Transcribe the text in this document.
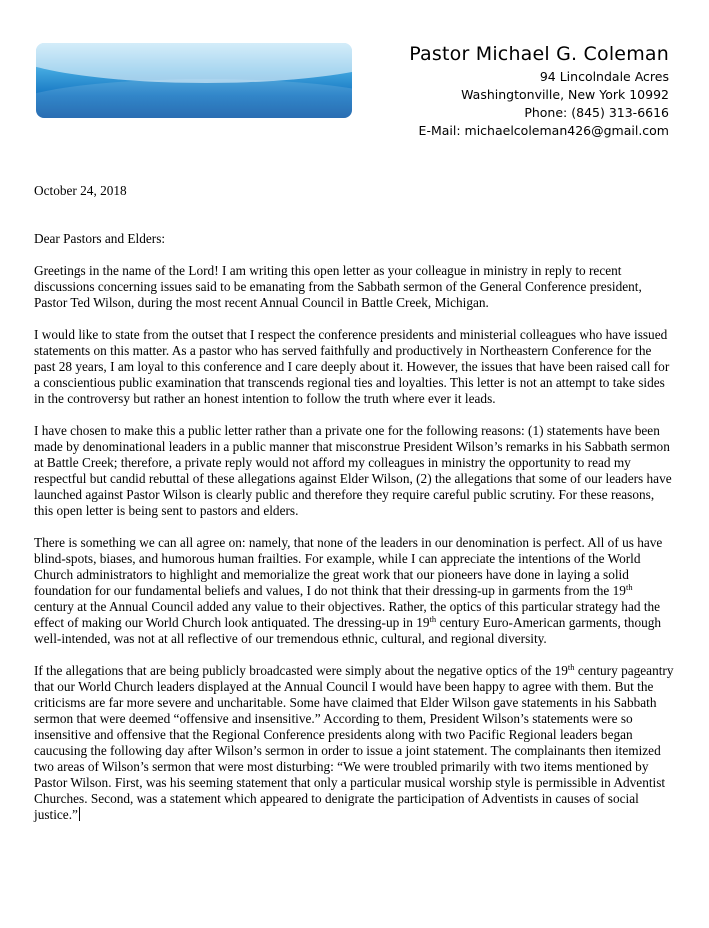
Pastor Michael G. Coleman
94 Lincolndale Acres
Washingtonville, New York 10992
Phone: (845) 313-6616
E-Mail: michaelcoleman426@gmail.com

October 24, 2018

Dear Pastors and Elders:

Greetings in the name of the Lord! I am writing this open letter as your colleague in ministry in reply to recent discussions concerning issues said to be emanating from the Sabbath sermon of the General Conference president, Pastor Ted Wilson, during the most recent Annual Council in Battle Creek, Michigan.

I would like to state from the outset that I respect the conference presidents and ministerial colleagues who have issued statements on this matter. As a pastor who has served faithfully and productively in Northeastern Conference for the past 28 years, I am loyal to this conference and I care deeply about it. However, the issues that have been raised call for a conscientious public examination that transcends regional ties and loyalties. This letter is not an attempt to take sides in the controversy but rather an honest intention to follow the truth where ever it leads.

I have chosen to make this a public letter rather than a private one for the following reasons: (1) statements have been made by denominational leaders in a public manner that misconstrue President Wilson’s remarks in his Sabbath sermon at Battle Creek; therefore, a private reply would not afford my colleagues in ministry the opportunity to read my respectful but candid rebuttal of these allegations against Elder Wilson, (2) the allegations that some of our leaders have launched against Pastor Wilson is clearly public and therefore they require careful public scrutiny. For these reasons, this open letter is being sent to pastors and elders.

There is something we can all agree on: namely, that none of the leaders in our denomination is perfect. All of us have blind-spots, biases, and humorous human frailties. For example, while I can appreciate the intentions of the World Church administrators to highlight and memorialize the great work that our pioneers have done in laying a solid foundation for our fundamental beliefs and values, I do not think that their dressing-up in garments from the 19th century at the Annual Council added any value to their objectives. Rather, the optics of this particular strategy had the effect of making our World Church look antiquated. The dressing-up in 19th century Euro-American garments, though well-intended, was not at all reflective of our tremendous ethnic, cultural, and regional diversity.

If the allegations that are being publicly broadcasted were simply about the negative optics of the 19th century pageantry that our World Church leaders displayed at the Annual Council I would have been happy to agree with them. But the criticisms are far more severe and uncharitable. Some have claimed that Elder Wilson gave statements in his Sabbath sermon that were deemed “offensive and insensitive.” According to them, President Wilson’s statements were so insensitive and offensive that the Regional Conference presidents along with two Pacific Regional leaders began caucusing the following day after Wilson’s sermon in order to issue a joint statement. The complainants then itemized two areas of Wilson’s sermon that were most disturbing: “We were troubled primarily with two items mentioned by Pastor Wilson. First, was his seeming statement that only a particular musical worship style is permissible in Adventist Churches. Second, was a statement which appeared to denigrate the participation of Adventists in causes of social justice.”
